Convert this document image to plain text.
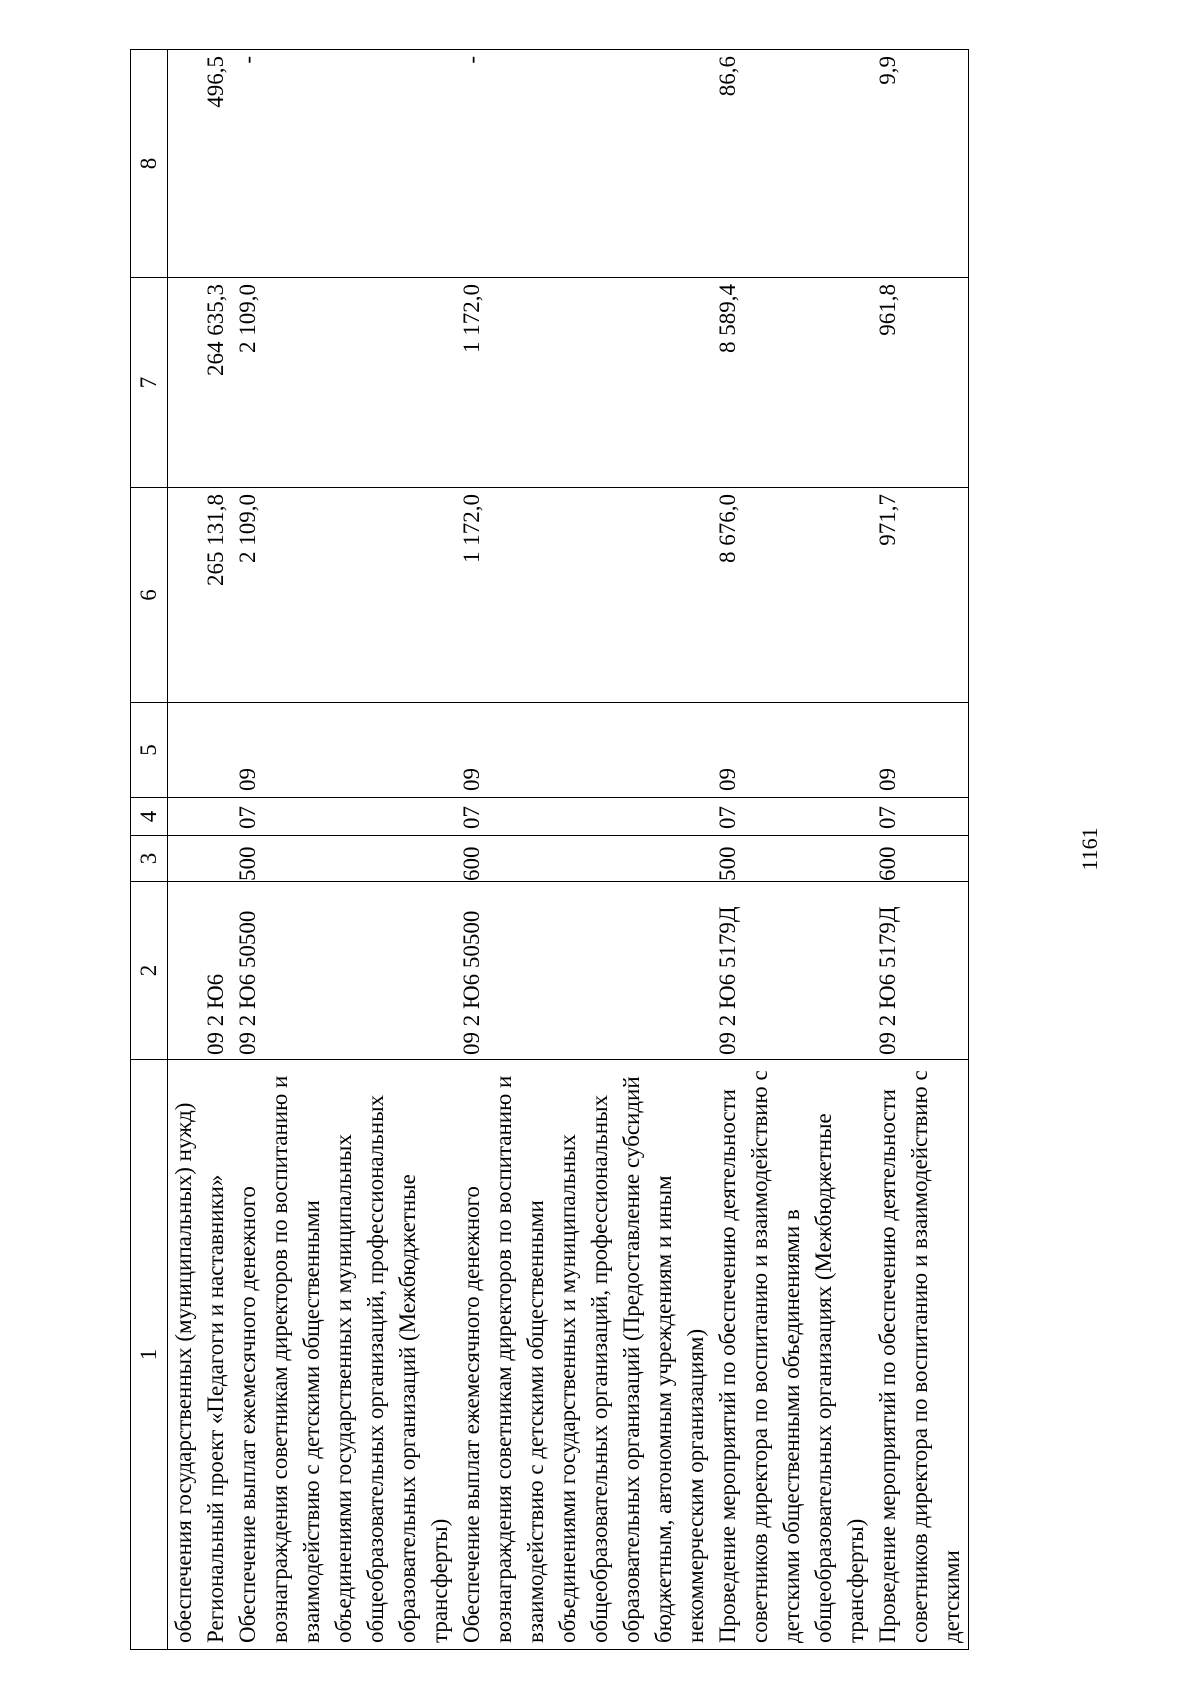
1161
1	2	3	4	5	6	7	8
обеспечения государственных (муниципальных) нужд)							
Региональный проект «Педагоги и наставники»	09 2 Ю6				265 131,8	264 635,3	496,5
Обеспечение выплат ежемесячного денежного вознаграждения советникам директоров по воспитанию и взаимодействию с детскими общественными объединениями государственных и муниципальных общеобразовательных организаций, профессиональных образовательных организаций (Межбюджетные трансферты)	09 2 Ю6 50500	500	07	09	2 109,0	2 109,0	-
Обеспечение выплат ежемесячного денежного вознаграждения советникам директоров по воспитанию и взаимодействию с детскими общественными объединениями государственных и муниципальных общеобразовательных организаций, профессиональных образовательных организаций (Предоставление субсидий бюджетным, автономным учреждениям и иным некоммерческим организациям)	09 2 Ю6 50500	600	07	09	1 172,0	1 172,0	-
Проведение мероприятий по обеспечению деятельности советников директора по воспитанию и взаимодействию с детскими общественными объединениями в общеобразовательных организациях (Межбюджетные трансферты)	09 2 Ю6 5179Д	500	07	09	8 676,0	8 589,4	86,6
Проведение мероприятий по обеспечению деятельности советников директора по воспитанию и взаимодействию с детскими	09 2 Ю6 5179Д	600	07	09	971,7	961,8	9,9
